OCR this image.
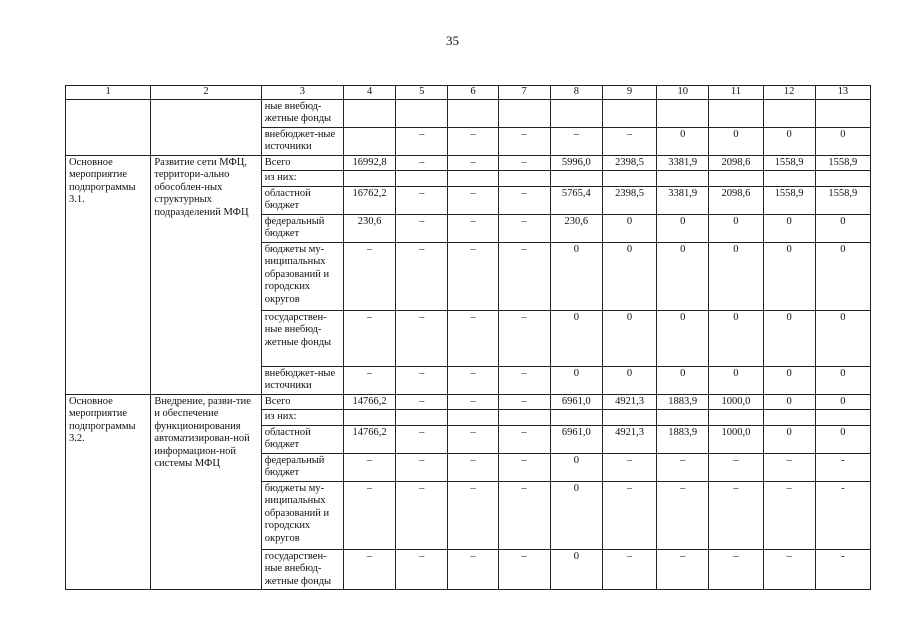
35
1	2	3	4	5	6	7	8	9	10	11	12	13
		ные внебюд-жетные фонды										
		внебюджет-ные источники		–	–	–	–	–	0	0	0	0
Основное мероприятие подпрограммы 3.1.	Развитие сети МФЦ, территори-ально обособлен-ных структурных подразделений МФЦ	Всего	16992,8	–	–	–	5996,0	2398,5	3381,9	2098,6	1558,9	1558,9
		из них:										
		областной бюджет	16762,2	–	–	–	5765,4	2398,5	3381,9	2098,6	1558,9	1558,9
		федеральный бюджет	230,6	–	–	–	230,6	0	0	0	0	0
		бюджеты му-ниципальных образований и городских округов	–	–	–	–	0	0	0	0	0	0
		государствен-ные внебюд-жетные фонды	–	–	–	–	0	0	0	0	0	0
		внебюджет-ные источники	–	–	–	–	0	0	0	0	0	0
Основное мероприятие подпрограммы 3.2.	Внедрение, разви-тие и обеспечение функционирования автоматизирован-ной информацион-ной системы МФЦ	Всего	14766,2	–	–	–	6961,0	4921,3	1883,9	1000,0	0	0
		из них:										
		областной бюджет	14766,2	–	–	–	6961,0	4921,3	1883,9	1000,0	0	0
		федеральный бюджет	–	–	–	–	0	–	–	–	–	-
		бюджеты му-ниципальных образований и городских округов	–	–	–	–	0	–	–	–	–	-
		государствен-ные внебюд-жетные фонды	–	–	–	–	0	–	–	–	–	-
